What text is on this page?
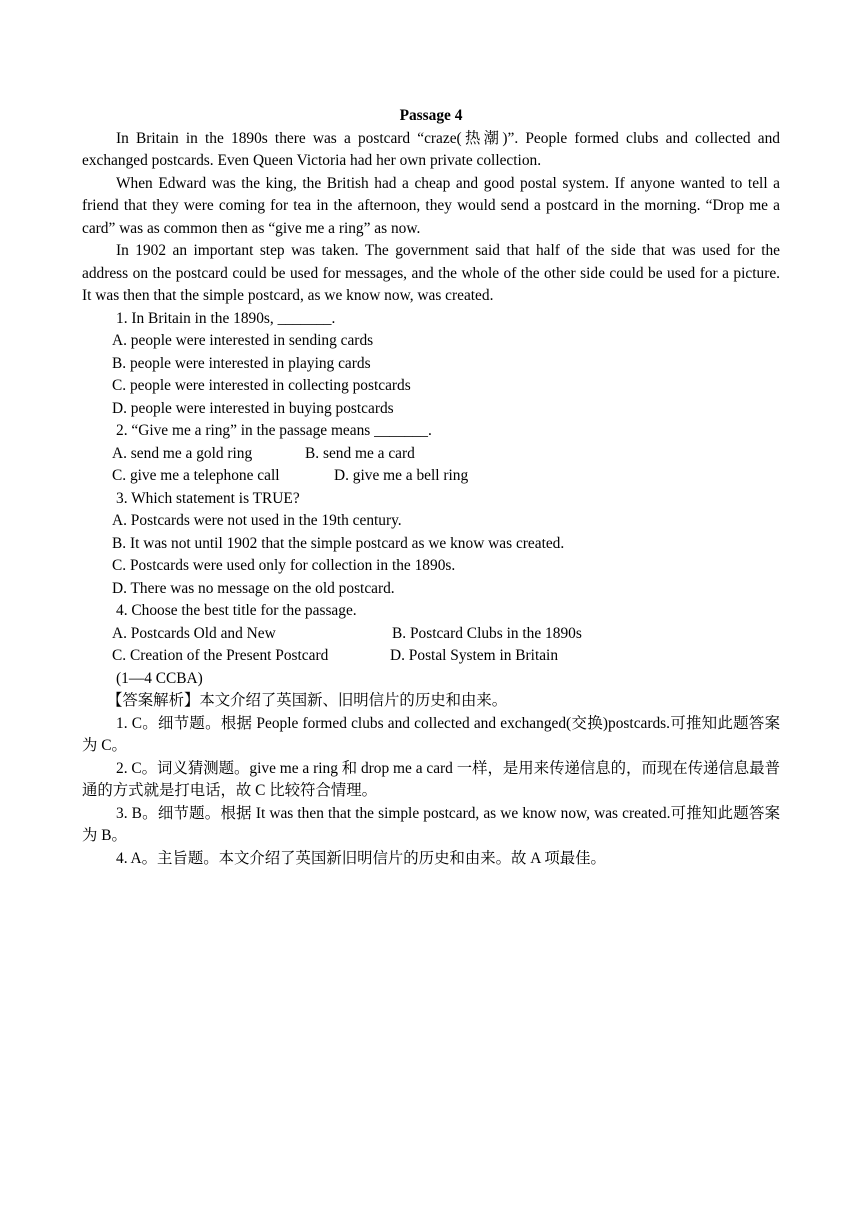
Passage 4

In Britain in the 1890s there was a postcard “craze(热潮)”. People formed clubs and collected and exchanged postcards. Even Queen Victoria had her own private collection.

When Edward was the king, the British had a cheap and good postal system. If anyone wanted to tell a friend that they were coming for tea in the afternoon, they would send a postcard in the morning. “Drop me a card” was as common then as “give me a ring” as now.

In 1902 an important step was taken. The government said that half of the side that was used for the address on the postcard could be used for messages, and the whole of the other side could be used for a picture. It was then that the simple postcard, as we know now, was created.

1. In Britain in the 1890s, _______.

A. people were interested in sending cards

B. people were interested in playing cards

C. people were interested in collecting postcards

D. people were interested in buying postcards

2. “Give me a ring” in the passage means _______.

A. send me a gold ring	B. send me a card
C. give me a telephone call	D. give me a bell ring

3. Which statement is TRUE?

A. Postcards were not used in the 19th century.

B. It was not until 1902 that the simple postcard as we know was created.

C. Postcards were used only for collection in the 1890s.

D. There was no message on the old postcard.

4. Choose the best title for the passage.

A. Postcards Old and New	B. Postcard Clubs in the 1890s
C. Creation of the Present Postcard	D. Postal System in Britain

(1—4 CCBA)

【答案解析】本文介绍了英国新、旧明信片的历史和由来。

1. C。细节题。根据 People formed clubs and collected and exchanged(交换)postcards.可推知此题答案为 C。

2. C。词义猜测题。give me a ring 和 drop me a card 一样，是用来传递信息的，而现在传递信息最普通的方式就是打电话，故 C 比较符合情理。

3. B。细节题。根据 It was then that the simple postcard, as we know now, was created.可推知此题答案为 B。

4. A。主旨题。本文介绍了英国新旧明信片的历史和由来。故 A 项最佳。
